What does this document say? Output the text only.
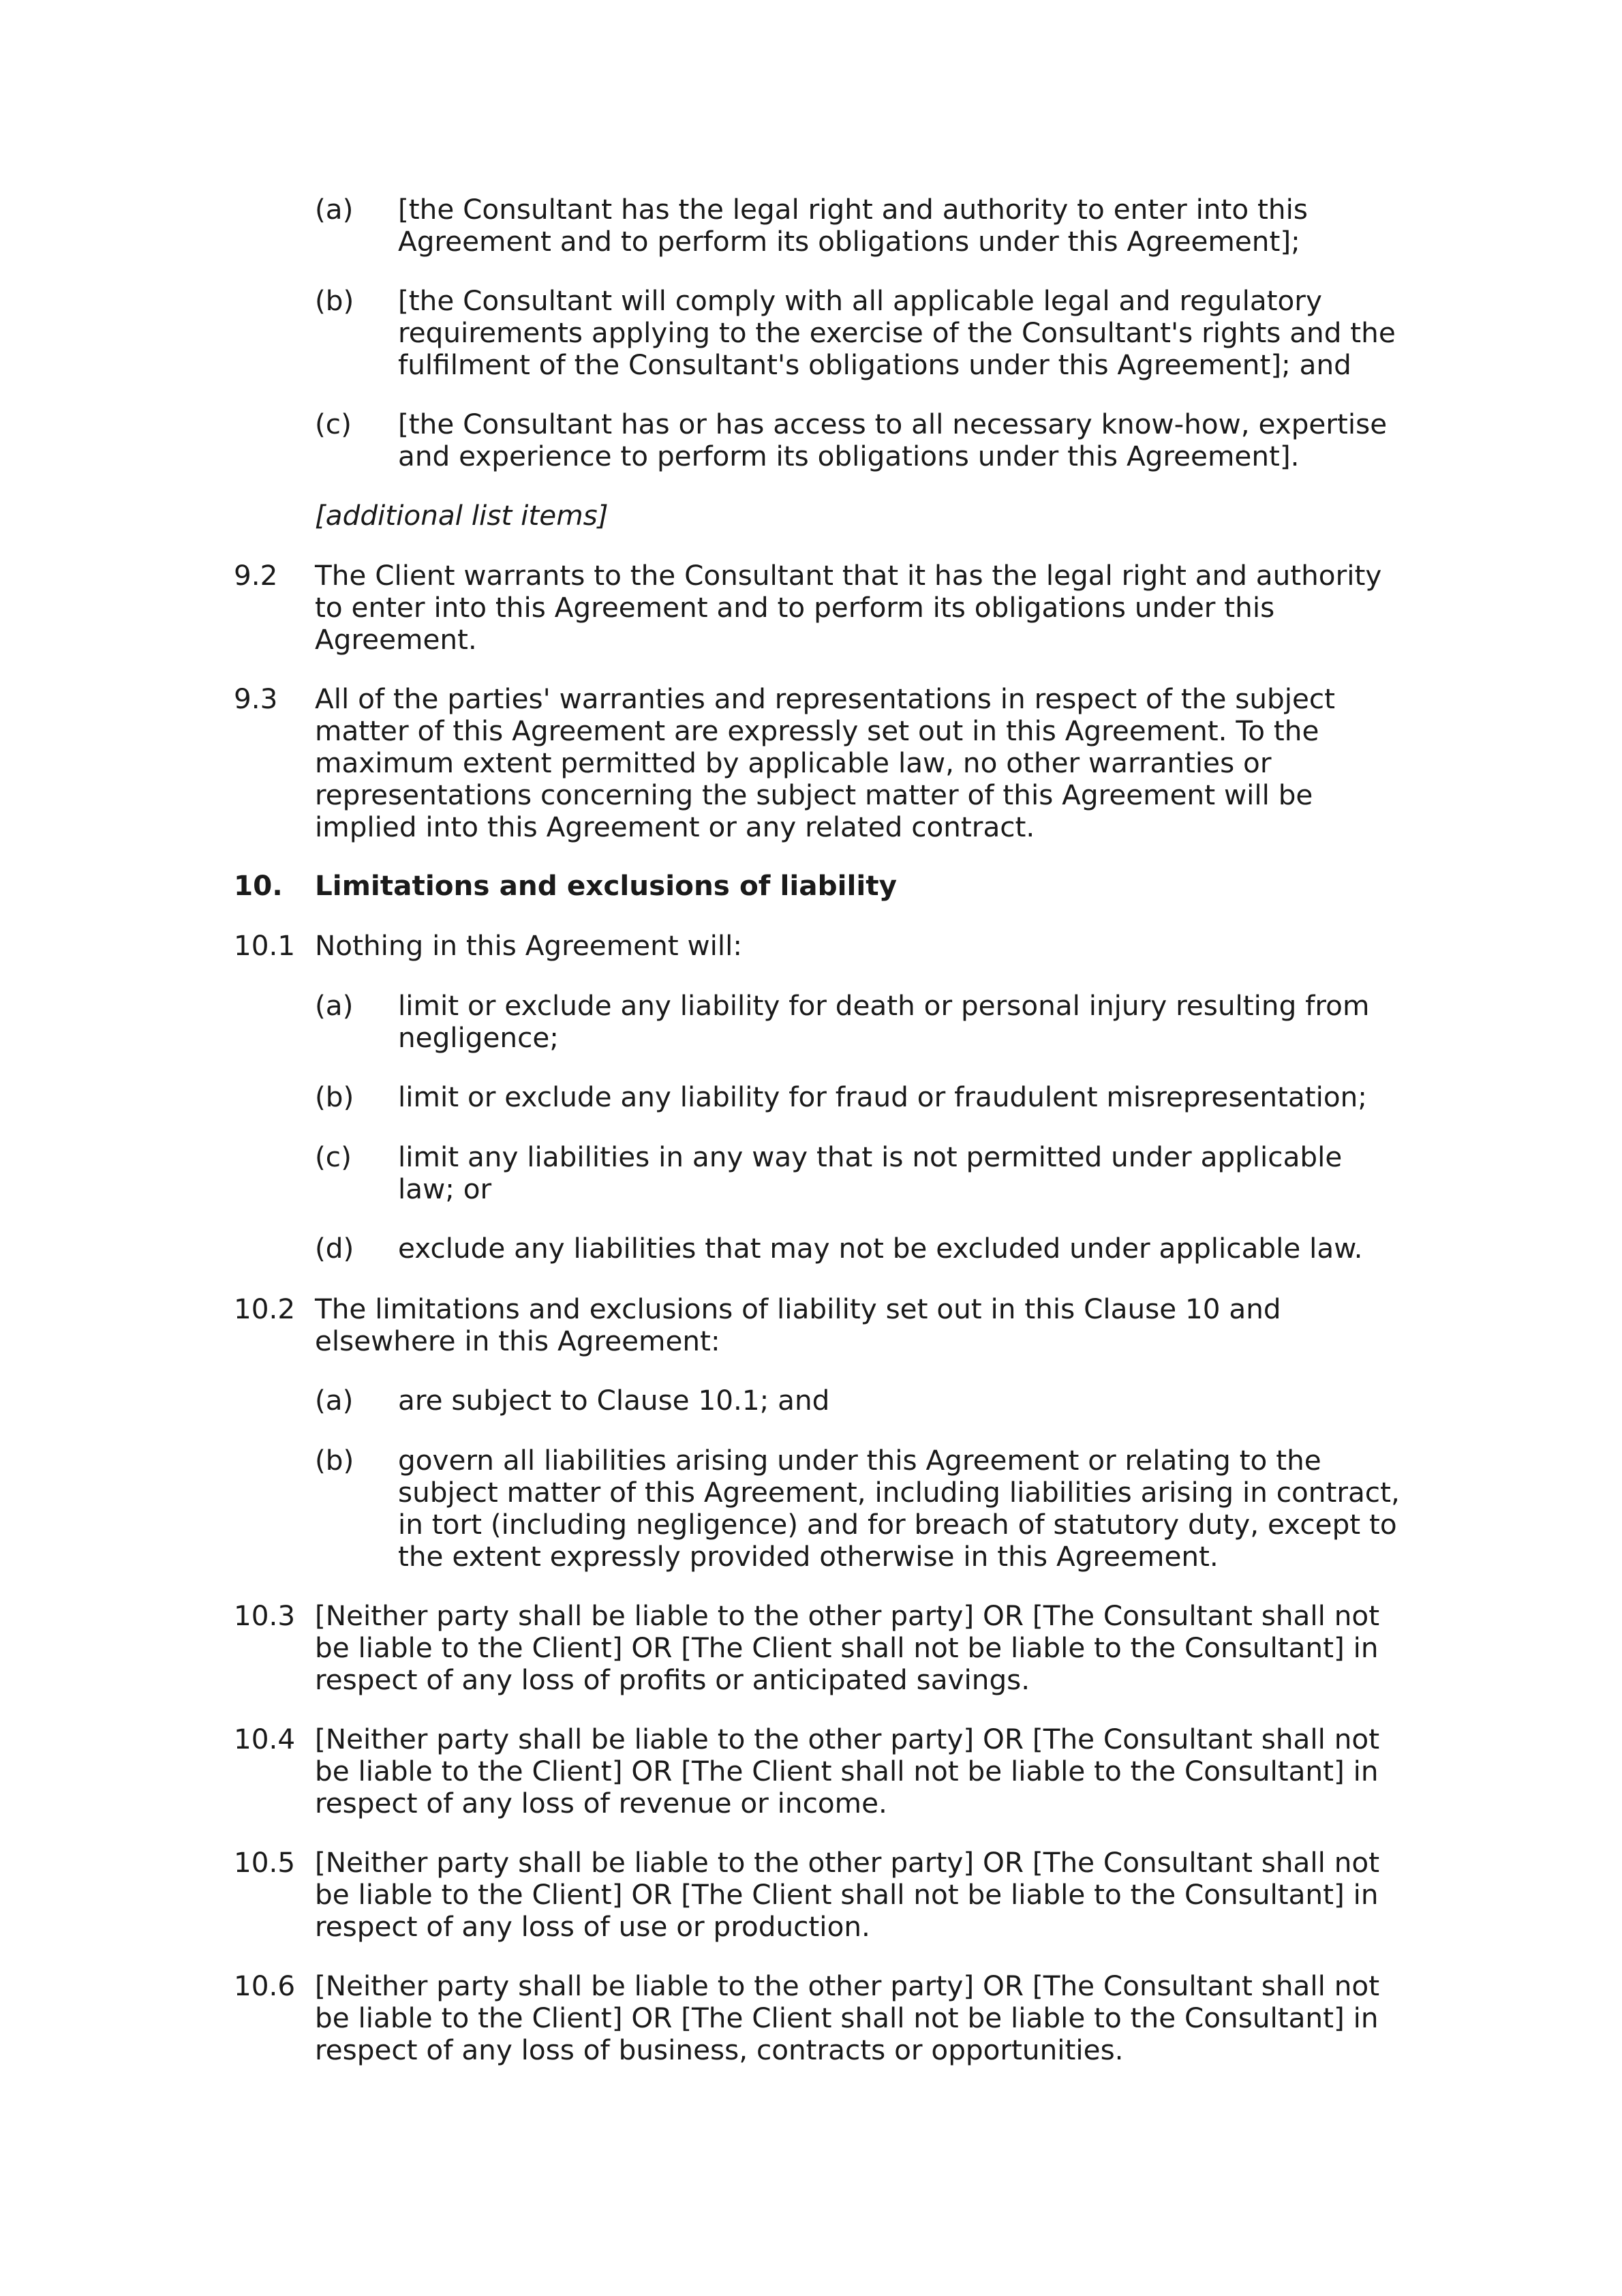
(a) [the Consultant has the legal right and authority to enter into this Agreement and to perform its obligations under this Agreement];
(b) [the Consultant will comply with all applicable legal and regulatory requirements applying to the exercise of the Consultant's rights and the fulfilment of the Consultant's obligations under this Agreement]; and
(c) [the Consultant has or has access to all necessary know-how, expertise and experience to perform its obligations under this Agreement].
[additional list items]
9.2 The Client warrants to the Consultant that it has the legal right and authority to enter into this Agreement and to perform its obligations under this Agreement.
9.3 All of the parties' warranties and representations in respect of the subject matter of this Agreement are expressly set out in this Agreement. To the maximum extent permitted by applicable law, no other warranties or representations concerning the subject matter of this Agreement will be implied into this Agreement or any related contract.
10. Limitations and exclusions of liability
10.1 Nothing in this Agreement will:
(a) limit or exclude any liability for death or personal injury resulting from negligence;
(b) limit or exclude any liability for fraud or fraudulent misrepresentation;
(c) limit any liabilities in any way that is not permitted under applicable law; or
(d) exclude any liabilities that may not be excluded under applicable law.
10.2 The limitations and exclusions of liability set out in this Clause 10 and elsewhere in this Agreement:
(a) are subject to Clause 10.1; and
(b) govern all liabilities arising under this Agreement or relating to the subject matter of this Agreement, including liabilities arising in contract, in tort (including negligence) and for breach of statutory duty, except to the extent expressly provided otherwise in this Agreement.
10.3 [Neither party shall be liable to the other party] OR [The Consultant shall not be liable to the Client] OR [The Client shall not be liable to the Consultant] in respect of any loss of profits or anticipated savings.
10.4 [Neither party shall be liable to the other party] OR [The Consultant shall not be liable to the Client] OR [The Client shall not be liable to the Consultant] in respect of any loss of revenue or income.
10.5 [Neither party shall be liable to the other party] OR [The Consultant shall not be liable to the Client] OR [The Client shall not be liable to the Consultant] in respect of any loss of use or production.
10.6 [Neither party shall be liable to the other party] OR [The Consultant shall not be liable to the Client] OR [The Client shall not be liable to the Consultant] in respect of any loss of business, contracts or opportunities.
